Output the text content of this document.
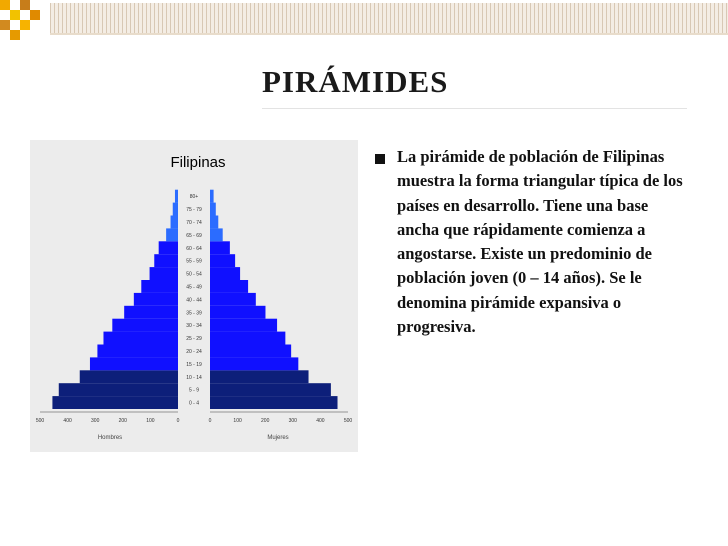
PIRÁMIDES
Filipinas
0 - 4
5 - 9
10 - 14
15 - 19
20 - 24
25 - 29
30 - 34
35 - 39
40 - 44
45 - 49
50 - 54
55 - 59
60 - 64
65 - 69
70 - 74
75 - 79
80+
500	500
400	400
300	300
200	200
100	100
0	0
Hombres	Mujeres

La pirámide de población de Filipinas muestra la forma triangular típica de los países en desarrollo. Tiene una base ancha que rápidamente comienza a angostarse. Existe un predominio de población joven (0 – 14 años). Se le denomina pirámide expansiva o progresiva.
